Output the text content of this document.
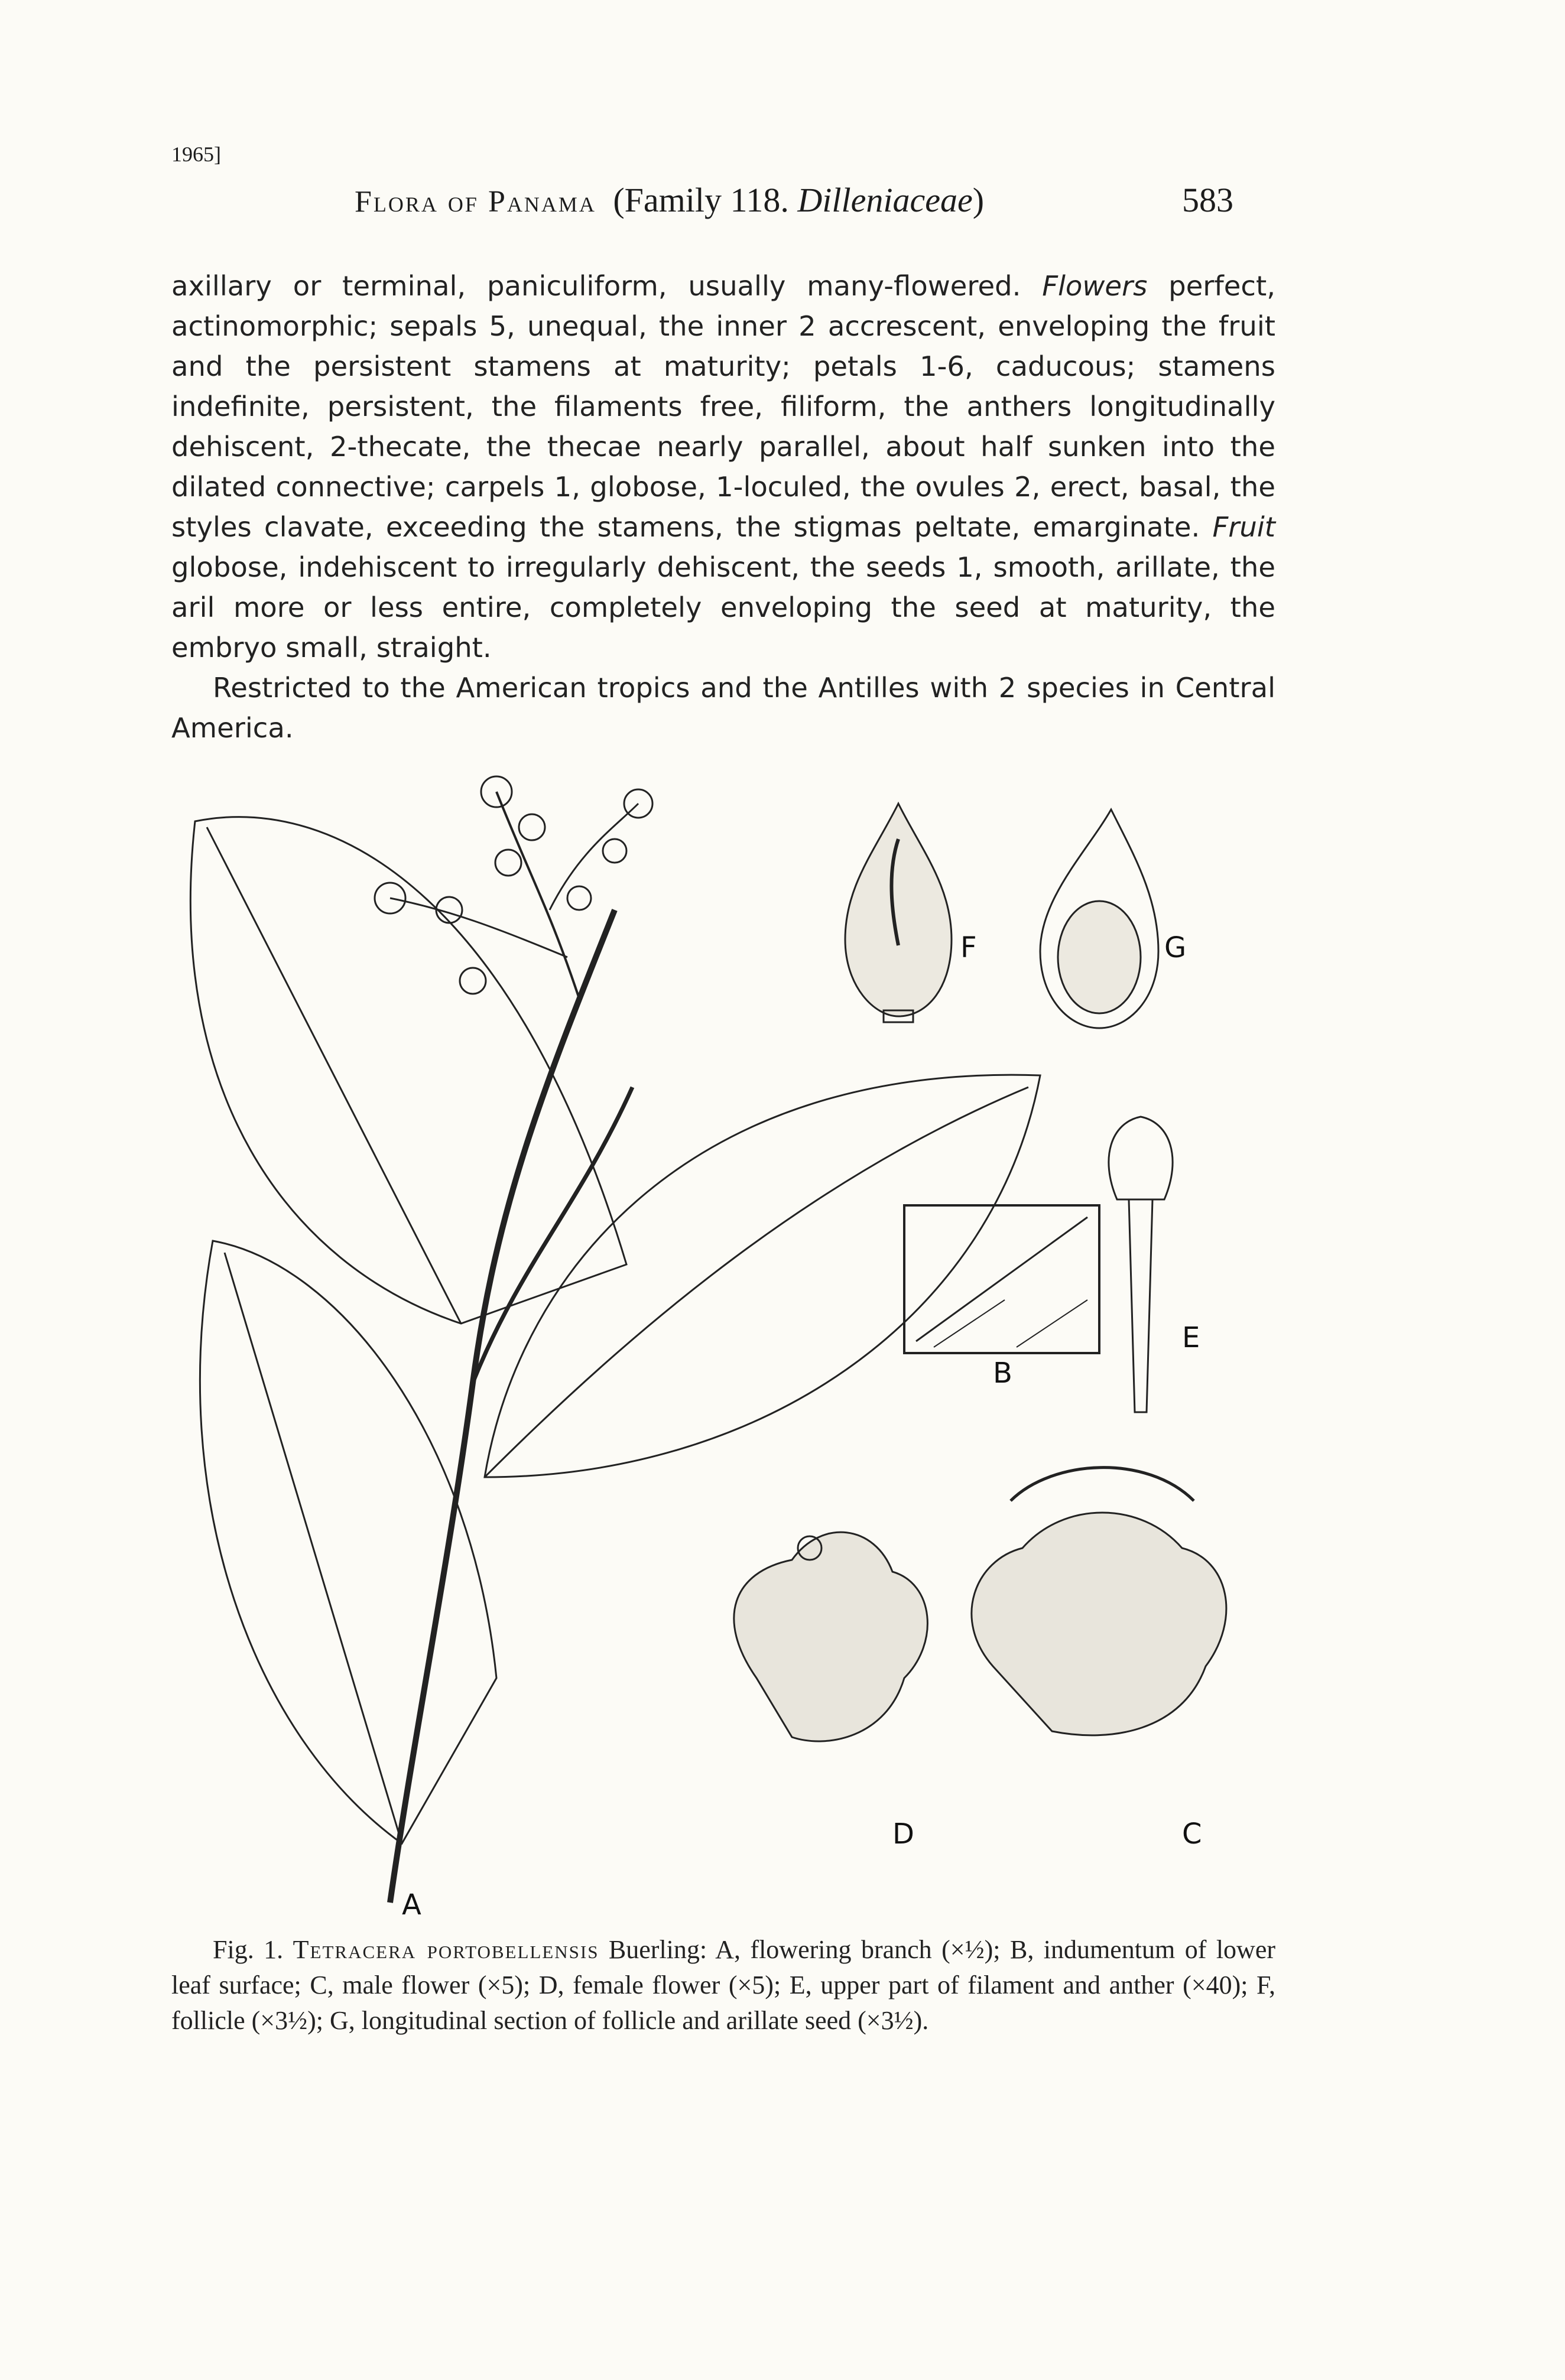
1965]
Flora of Panama (Family 118. Dilleniaceae)	583

axillary or terminal, paniculiform, usually many-flowered. Flowers perfect, actinomorphic; sepals 5, unequal, the inner 2 accrescent, enveloping the fruit and the persistent stamens at maturity; petals 1-6, caducous; stamens indefinite, persistent, the filaments free, filiform, the anthers longitudinally dehiscent, 2-thecate, the thecae nearly parallel, about half sunken into the dilated connective; carpels 1, globose, 1-loculed, the ovules 2, erect, basal, the styles clavate, exceeding the stamens, the stigmas peltate, emarginate. Fruit globose, indehiscent to irregularly dehiscent, the seeds 1, smooth, arillate, the aril more or less entire, completely enveloping the seed at maturity, the embryo small, straight.

Restricted to the American tropics and the Antilles with 2 species in Central America.

A
B
C
D
E
F	G

Fig. 1. Tetracera portobellensis Buerling: A, flowering branch (×½); B, indumentum of lower leaf surface; C, male flower (×5); D, female flower (×5); E, upper part of filament and anther (×40); F, follicle (×3½); G, longitudinal section of follicle and arillate seed (×3½).
